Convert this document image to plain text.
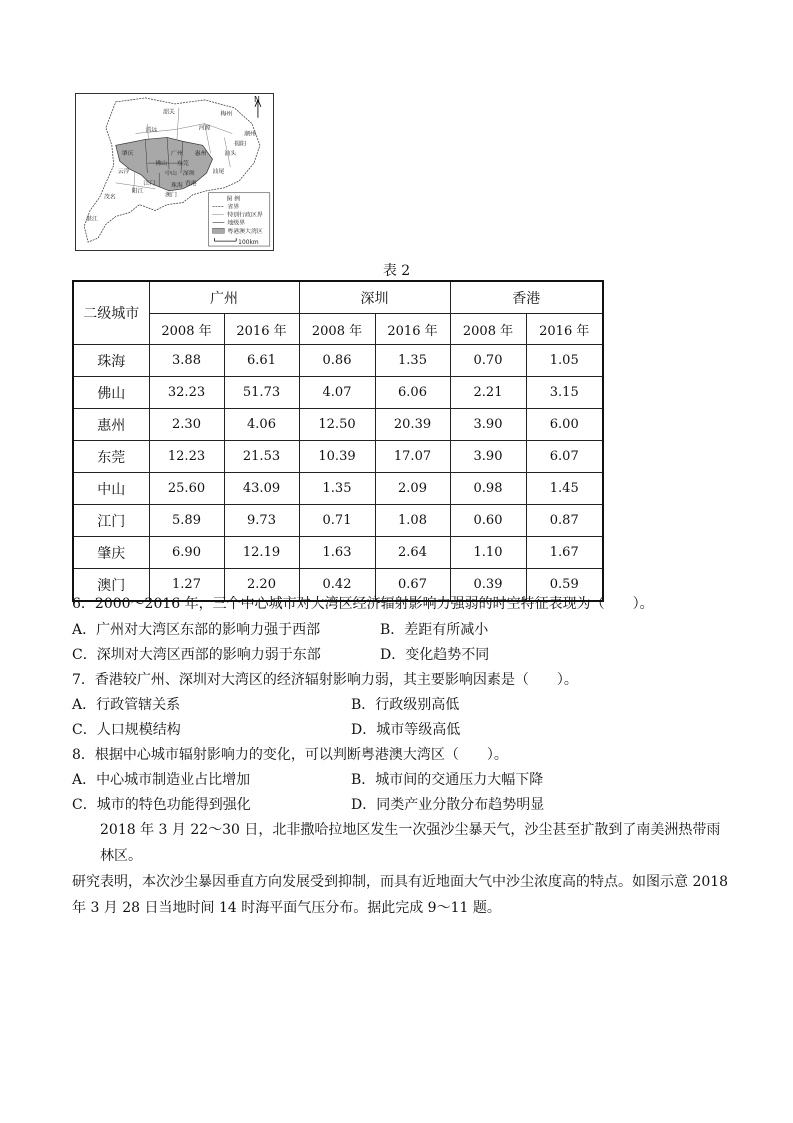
N
韶关	梅州
清远	河源
潮州
揭阳
汕头
肇庆	广州 惠州
汕尾
东莞
佛山
深圳
云浮
江门
中山
珠海 香港
澳门
阳江
茂名
湛江
图 例
省界
特别行政区界
地级界
粤港澳大湾区
100km
表 2
二级城市	广州		深圳		香港	
	2008 年	2016 年	2008 年	2016 年	2008 年	2016 年
珠海	3.88	6.61	0.86	1.35	0.70	1.05
佛山	32.23	51.73	4.07	6.06	2.21	3.15
惠州	2.30	4.06	12.50	20.39	3.90	6.00
东莞	12.23	21.53	10.39	17.07	3.90	6.07
中山	25.60	43.09	1.35	2.09	0.98	1.45
江门	5.89	9.73	0.71	1.08	0.60	0.87
肇庆	6.90	12.19	1.63	2.64	1.10	1.67
澳门	1.27	2.20	0.42	0.67	0.39	0.59
6．2000～2016 年，三个中心城市对大湾区经济辐射影响力强弱的时空特征表现为（　　）。
A．广州对大湾区东部的影响力强于西部	B．差距有所减小
C．深圳对大湾区西部的影响力弱于东部	D．变化趋势不同
7．香港较广州、深圳对大湾区的经济辐射影响力弱，其主要影响因素是（　　）。
A．行政管辖关系	B．行政级别高低
C．人口规模结构	D．城市等级高低
8．根据中心城市辐射影响力的变化，可以判断粤港澳大湾区（　　）。
A．中心城市制造业占比增加	B．城市间的交通压力大幅下降
C．城市的特色功能得到强化	D．同类产业分散分布趋势明显
2018 年 3 月 22～30 日，北非撒哈拉地区发生一次强沙尘暴天气，沙尘甚至扩散到了南美洲热带雨林区。
研究表明，本次沙尘暴因垂直方向发展受到抑制，而具有近地面大气中沙尘浓度高的特点。如图示意 2018
年 3 月 28 日当地时间 14 时海平面气压分布。据此完成 9～11 题。
